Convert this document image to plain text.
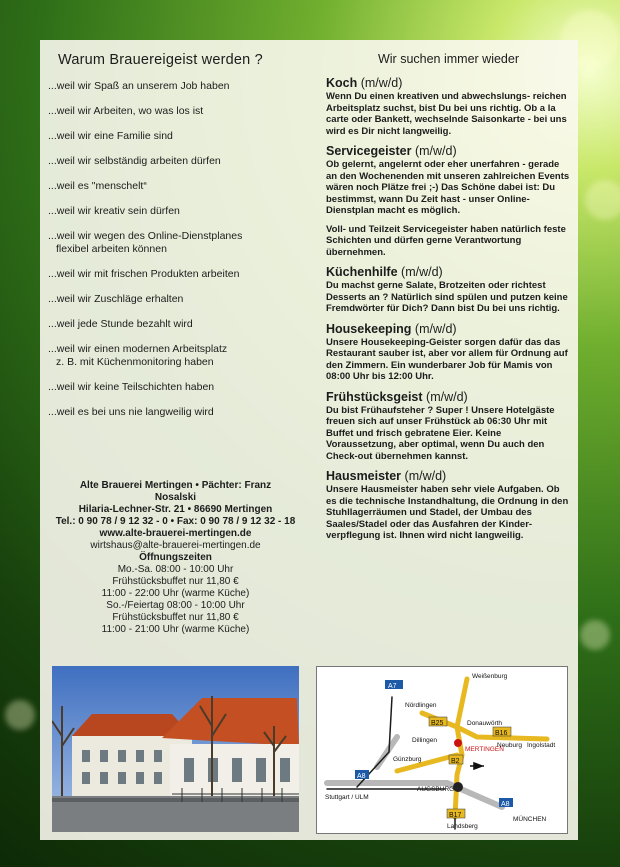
Warum Brauereigeist werden ?
...weil wir Spaß an unserem Job haben
...weil wir Arbeiten, wo was los ist
...weil wir eine Familie sind
...weil wir selbständig arbeiten dürfen
...weil es "menschelt“
...weil wir kreativ sein dürfen
...weil wir wegen des Online-Dienstplanes
flexibel arbeiten können
...weil wir mit frischen Produkten arbeiten
...weil wir Zuschläge erhalten
...weil jede Stunde bezahlt wird
...weil wir einen modernen Arbeitsplatz
z. B. mit Küchenmonitoring haben
...weil wir keine Teilschichten haben
...weil es bei uns nie langweilig wird
Alte Brauerei Mertingen • Pächter: Franz
Nosalski
Hilaria-Lechner-Str. 21 • 86690 Mertingen
Tel.: 0 90 78 / 9 12 32 - 0 • Fax: 0 90 78 / 9 12 32 - 18
www.alte-brauerei-mertingen.de
wirtshaus@alte-brauerei-mertingen.de
Öffnungszeiten
Mo.-Sa. 08:00 - 10:00 Uhr
Frühstücksbuffet nur 11,80 €
11:00 - 22:00 Uhr (warme Küche)
So.-/Feiertag 08:00 - 10:00 Uhr
Frühstücksbuffet nur 11,80 €
11:00 - 21:00 Uhr (warme Küche)
Wir suchen immer wieder
Koch (m/w/d)

Wenn Du einen kreativen und abwechslungs- reichen Arbeitsplatz suchst, bist Du bei uns richtig. Ob a la carte oder Bankett, wechselnde Saisonkarte - bei uns wird es Dir nicht langweilig.

Servicegeister (m/w/d)

Ob gelernt, angelernt oder eher unerfahren - gerade an den Wochenenden mit unseren zahlreichen Events wären noch Plätze frei ;-) Das Schöne dabei ist: Du bestimmst, wann Du Zeit hast - unser Online-Dienstplan macht es möglich.

Voll- und Teilzeit Servicegeister haben natürlich feste Schichten und dürfen gerne Verantwortung übernehmen.

Küchenhilfe (m/w/d)

Du machst gerne Salate, Brotzeiten oder richtest Desserts an ? Natürlich sind spülen und putzen keine Fremdwörter für Dich? Dann bist Du bei uns richtig.

Housekeeping (m/w/d)

Unsere Housekeeping-Geister sorgen dafür das das Restaurant sauber ist, aber vor allem für Ordnung auf den Zimmern. Ein wunderbarer Job für Mamis von 08:00 Uhr bis 12:00 Uhr.

Frühstücksgeist (m/w/d)

Du bist Frühaufsteher ? Super ! Unsere Hotelgäste freuen sich auf unser Frühstück ab 06:30 Uhr mit Buffet und frisch gebratene Eier. Keine Voraussetzung, aber optimal, wenn Du auch den Check-out übernehmen kannst.

Hausmeister (m/w/d)

Unsere Hausmeister haben sehr viele Aufgaben. Ob es die technische Instandhaltung, die Ordnung in den Stuhllagerräumen und Stadel, der Umbau des Saales/Stadel oder das Ausfahren der Kinder-verpflegung ist. Ihnen wird nicht langweilig.

A7
B25
B16
B2
A8
A8
B17
Weißenburg
Nördlingen
Donauwörth
Dillingen
MERTINGEN
Neuburg Ingolstadt
Günzburg
Stuttgart / ULM
AUGSBURG
Landsberg
MÜNCHEN
